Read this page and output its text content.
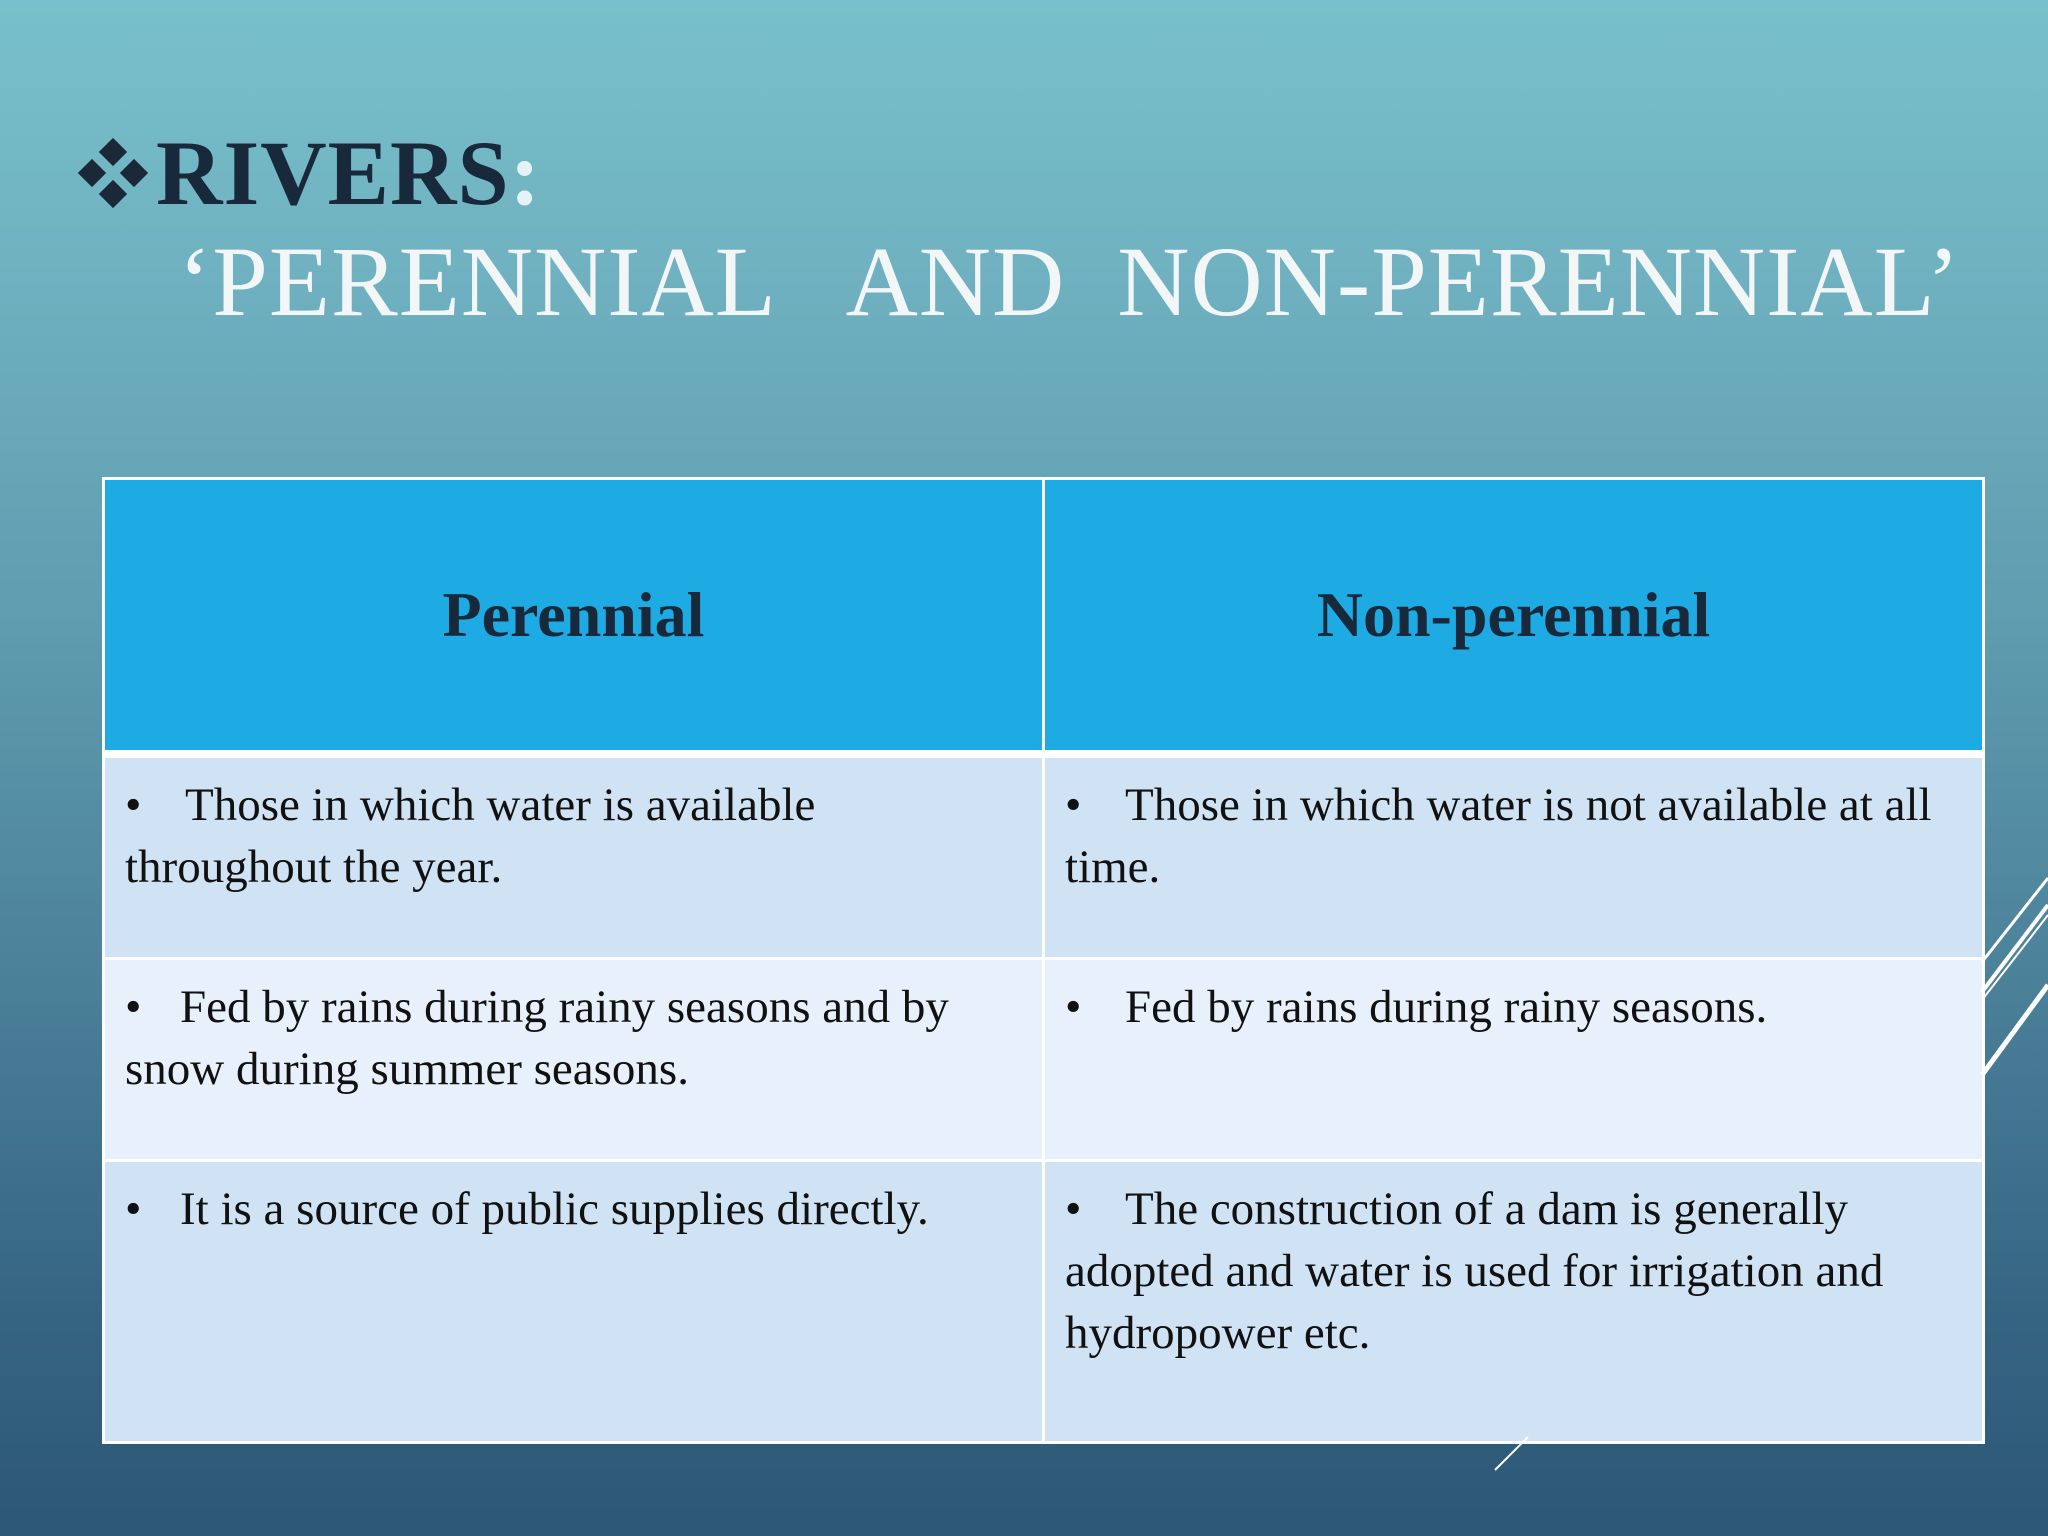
RIVERS:
‘PERENNIAL   AND  NON-PERENNIAL’
Perennial	Non-perennial
• Those in which water is available throughout the year.	• Those in which water is not available at all time.
• Fed by rains during rainy seasons and by snow during summer seasons.	• Fed by rains during rainy seasons.
• It is a source of public supplies directly.	• The construction of a dam is generally adopted and water is used for irrigation and hydropower etc.
